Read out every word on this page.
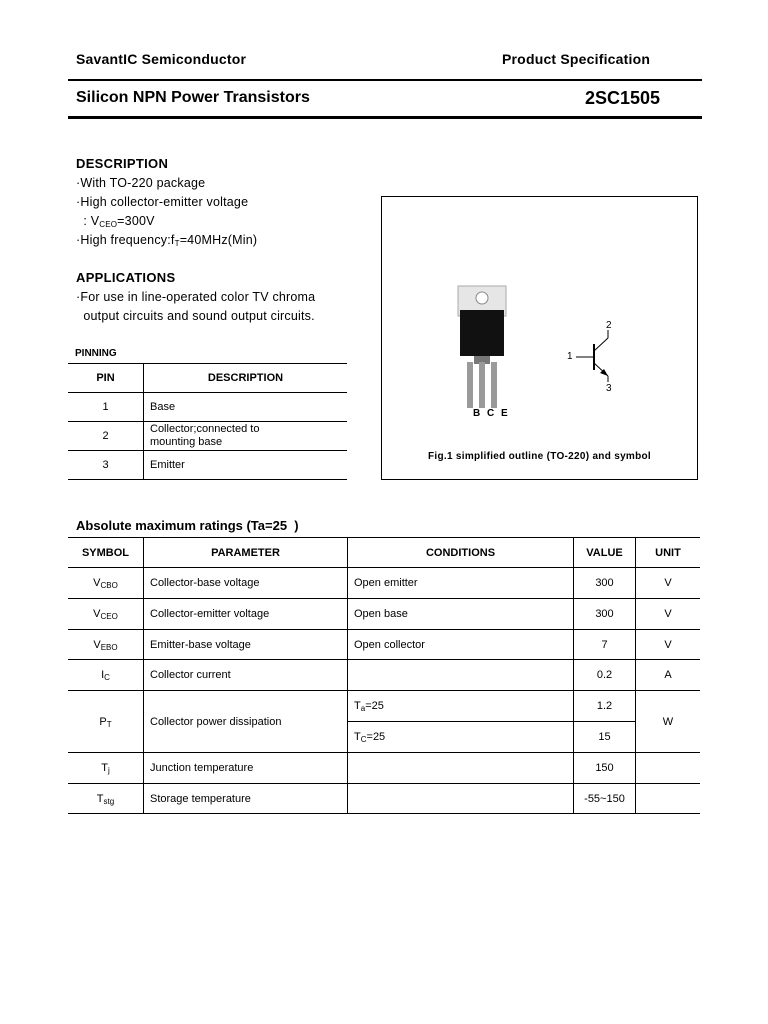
SavantIC Semiconductor	Product Specification
Silicon NPN Power Transistors	2SC1505
DESCRIPTION
·With TO-220 package
·High collector-emitter voltage
: $V_{CEO}=300V$
·High $frequency:f_T=40MHz(Min)$
APPLICATIONS
·For use in line-operated color TV chroma
output circuits and sound output circuits.
B C E
1
2
3
Fig.1 simplified outline (TO-220) and symbol
PINNING
PIN	DESCRIPTION
1	Base
2	Collector;connected to
mounting base
3	Emitter
Absolute maximum ratings (Ta=25  )
SYMBOL	PARAMETER	CONDITIONS	VALUE	UNIT
$V_{CBO}$	Collector-base voltage	Open emitter	300	V
$V_{CEO}$	Collector-emitter voltage	Open base	300	V
$V_{EBO}$	Emitter-base voltage	Open collector	7	V
$I_C$	Collector current		0.2	A
$P_T$	Collector power dissipation	$T_a=25$	1.2	W
		$T_C=25$	15	
$T_j$	Junction temperature		150	
$T_{stg}$	Storage temperature		-55~150	
